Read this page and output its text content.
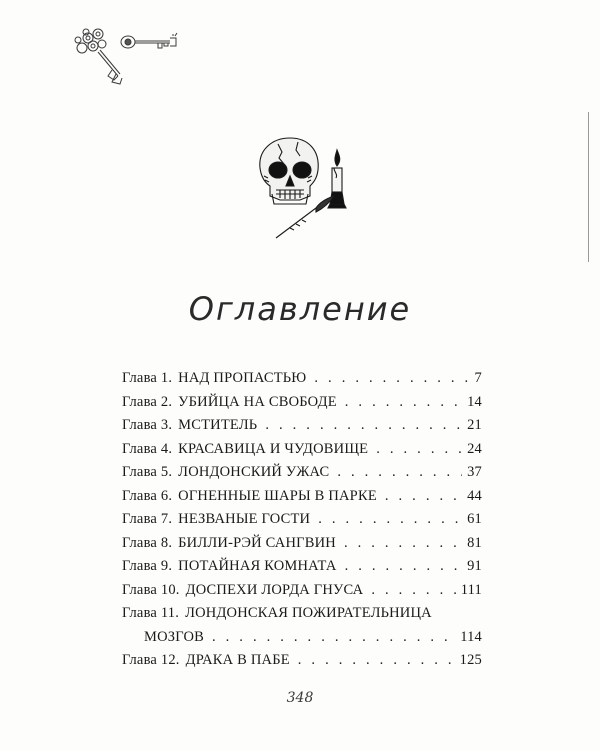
Оглавление
Глава 1. НАД ПРОПАСТЬЮ . . .	7
Глава 2. УБИЙЦА НА СВОБОДЕ . . .	14
Глава 3. МСТИТЕЛЬ . . .	21
Глава 4. КРАСАВИЦА И ЧУДОВИЩЕ . . .	24
Глава 5. ЛОНДОНСКИЙ УЖАС . . .	37
Глава 6. ОГНЕННЫЕ ШАРЫ В ПАРКЕ . . .	44
Глава 7. НЕЗВАНЫЕ ГОСТИ . . .	61
Глава 8. БИЛЛИ-РЭЙ САНГВИН . . .	81
Глава 9. ПОТАЙНАЯ КОМНАТА . . .	91
Глава 10. ДОСПЕХИ ЛОРДА ГНУСА . . .	111
Глава 11. ЛОНДОНСКАЯ ПОЖИРАТЕЛЬНИЦА
МОЗГОВ . . .	114
Глава 12. ДРАКА В ПАБЕ . . .	125
348
